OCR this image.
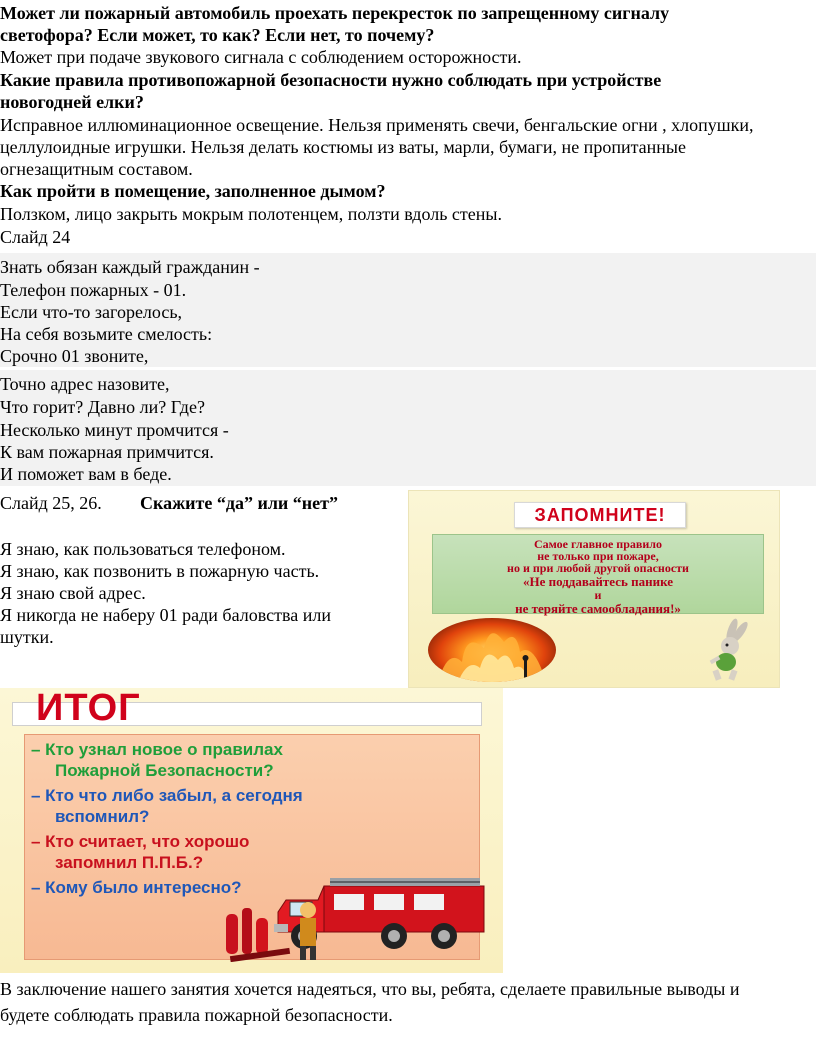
Может ли пожарный автомобиль проехать перекресток по запрещенному сигналу

светофора? Если может, то как? Если нет, то почему?

Может при подаче звукового сигнала с соблюдением осторожности.

Какие правила противопожарной безопасности нужно соблюдать при устройстве

новогодней елки?

Исправное иллюминационное освещение. Нельзя применять свечи, бенгальские огни , хлопушки,

целлулоидные игрушки. Нельзя делать костюмы из ваты, марли, бумаги, не пропитанные

огнезащитным составом.

Как пройти в помещение, заполненное дымом?

Ползком, лицо закрыть мокрым полотенцем, ползти вдоль стены.

Слайд 24

Знать обязан каждый гражданин -

Телефон пожарных - 01.

Если что-то загорелось,

На себя возьмите смелость:

Срочно 01 звоните,

Точно адрес назовите,

Что горит? Давно ли? Где?

Несколько минут промчится -

К вам пожарная примчится.

И поможет вам в беде.

Слайд 25, 26. Скажите “да” или “нет”

Я знаю, как пользоваться телефоном.

Я знаю, как позвонить в пожарную часть.

Я знаю свой адрес.

Я никогда не наберу 01 ради баловства или

шутки.

ЗАПОМНИТЕ!
Самое главное правило
не только при пожаре,
но и при любой другой опасности
«Не поддавайтесь панике
и
не теряйте самообладания!»
ИТОГ
– Кто узнал новое о правилах
Пожарной Безопасности?
– Кто что либо забыл, а сегодня
вспомнил?
– Кто считает, что хорошо
запомнил П.П.Б.?
– Кому было интересно?

В заключение нашего занятия хочется надеяться, что вы, ребята, сделаете правильные выводы и

будете соблюдать правила пожарной безопасности.
